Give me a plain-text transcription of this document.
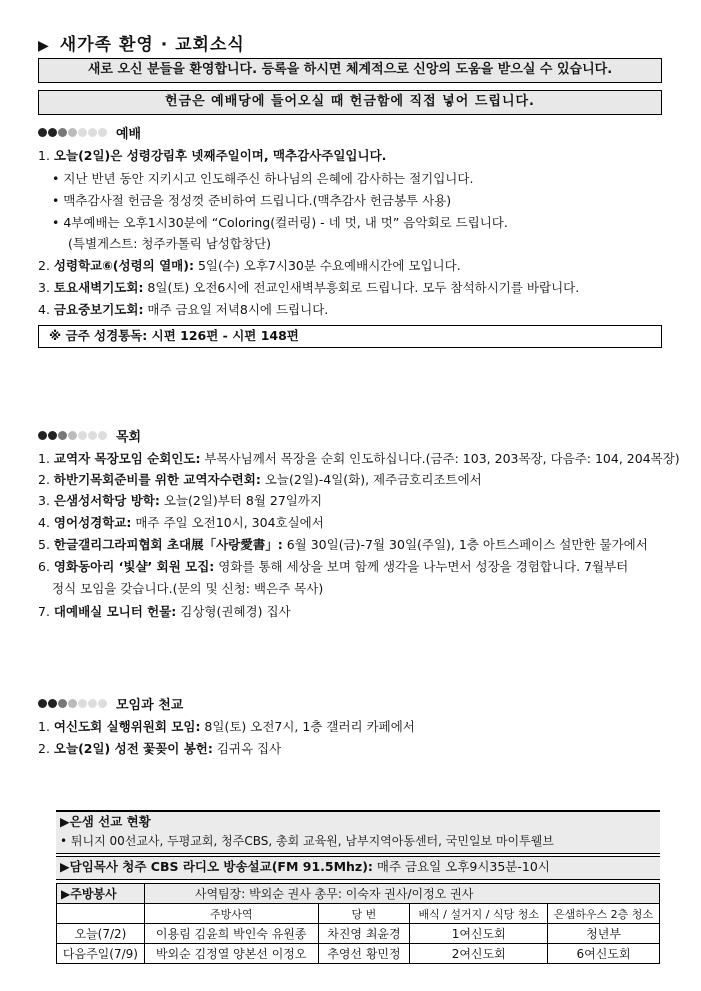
▶ 새가족 환영 · 교회소식
새로 오신 분들을 환영합니다. 등록을 하시면 체계적으로 신앙의 도움을 받으실 수 있습니다.
헌금은 예배당에 들어오실 때 헌금함에 직접 넣어 드립니다.
예배
1. 오늘(2일)은 성령강림후 넷째주일이며, 맥추감사주일입니다.
• 지난 반년 동안 지키시고 인도해주신 하나님의 은혜에 감사하는 절기입니다.
• 맥추감사절 헌금을 정성껏 준비하여 드립니다.(맥추감사 헌금봉투 사용)
• 4부예배는 오후1시30분에 “Coloring(컬러링) - 네 멋, 내 멋” 음악회로 드립니다.
(특별게스트: 청주카톨릭 남성합창단)
2. 성령학교⑥(성령의 열매): 5일(수) 오후7시30분 수요예배시간에 모입니다.
3. 토요새벽기도회: 8일(토) 오전6시에 전교인새벽부흥회로 드립니다. 모두 참석하시기를 바랍니다.
4. 금요중보기도회: 매주 금요일 저녁8시에 드립니다.
※ 금주 성경통독: 시편 126편 - 시편 148편
목회
1. 교역자 목장모임 순회인도: 부목사님께서 목장을 순회 인도하십니다.(금주: 103, 203목장, 다음주: 104, 204목장)
2. 하반기목회준비를 위한 교역자수련회: 오늘(2일)-4일(화), 제주금호리조트에서
3. 은샘성서학당 방학: 오늘(2일)부터 8월 27일까지
4. 영어성경학교: 매주 주일 오전10시, 304호실에서
5. 한글갤리그라피협회 초대展「사랑愛書」: 6월 30일(금)-7월 30일(주일), 1층 아트스페이스 설만한 물가에서
6. 영화동아리 ‘빛샬’ 회원 모집: 영화를 통해 세상을 보며 함께 생각을 나누면서 성장을 경험합니다. 7월부터
정식 모임을 갖습니다.(문의 및 신청: 백은주 목사)
7. 대예배실 모니터 헌물: 김상형(권혜경) 집사
모임과 천교
1. 여신도회 실행위원회 모임: 8일(토) 오전7시, 1층 갤러리 카페에서
2. 오늘(2일) 성전 꽃꽂이 봉헌: 김귀옥 집사
▶은샘 선교 현황
• 튀니지 00선교사, 두평교회, 청주CBS, 총회 교육원, 남부지역아동센터, 국민일보 마이투웰브
▶담임목사 청주 CBS 라디오 방송설교(FM 91.5Mhz): 매주 금요일 오후9시35분-10시
▶주방봉사	사역팀장: 박외순 권사 총무: 이숙자 권사/이정오 권사			
	주방사역	당 번	배식 / 설거지 / 식당 청소	은샘하우스 2층 청소
오늘(7/2)	이용림 김윤희 박인숙 유원종	차진영 최윤경	1여신도회	청년부
다음주일(7/9)	박외순 김정열 양본선 이정오	추영선 황민정	2여신도회	6여신도회
